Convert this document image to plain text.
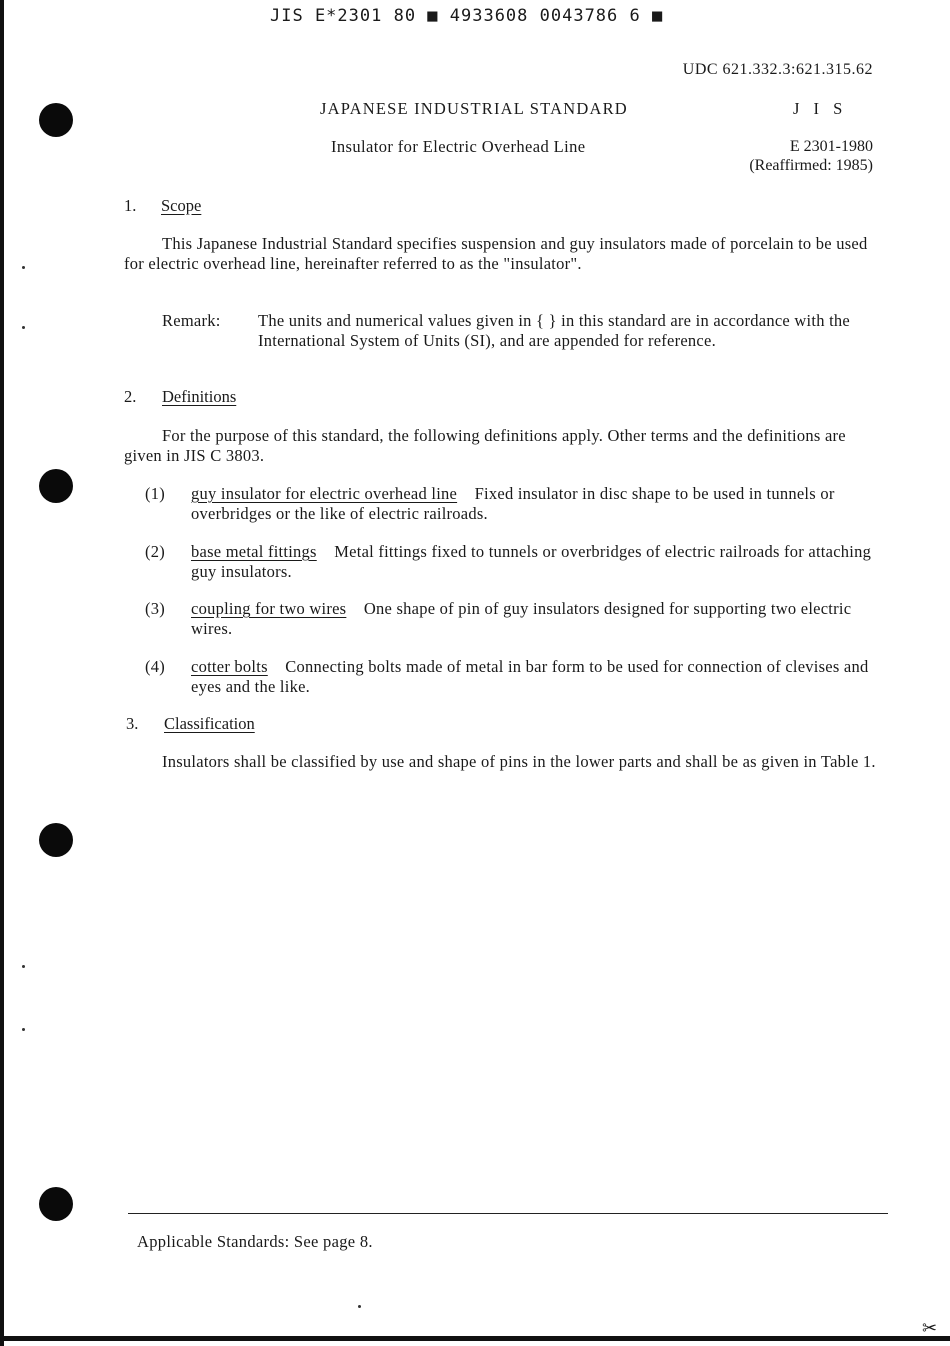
JIS E*2301 80 ■ 4933608 0043786 6 ■
UDC 621.332.3:621.315.62
JAPANESE INDUSTRIAL STANDARD	J I S
Insulator for Electric Overhead Line	E 2301-1980
(Reaffirmed: 1985)
1. Scope
This Japanese Industrial Standard specifies suspension and guy insulators made of porcelain to be used for electric overhead line, hereinafter referred to as the "insulator".
Remark: The units and numerical values given in { } in this standard are in accordance with the International System of Units (SI), and are appended for reference.
2. Definitions
For the purpose of this standard, the following definitions apply. Other terms and the definitions are given in JIS C 3803.
(1) guy insulator for electric overhead line Fixed insulator in disc shape to be used in tunnels or overbridges or the like of electric railroads.
(2) base metal fittings Metal fittings fixed to tunnels or overbridges of electric railroads for attaching guy insulators.
(3) coupling for two wires One shape of pin of guy insulators designed for supporting two electric wires.
(4) cotter bolts Connecting bolts made of metal in bar form to be used for connection of clevises and eyes and the like.
3. Classification
Insulators shall be classified by use and shape of pins in the lower parts and shall be as given in Table 1.
Applicable Standards: See page 8.
✂
